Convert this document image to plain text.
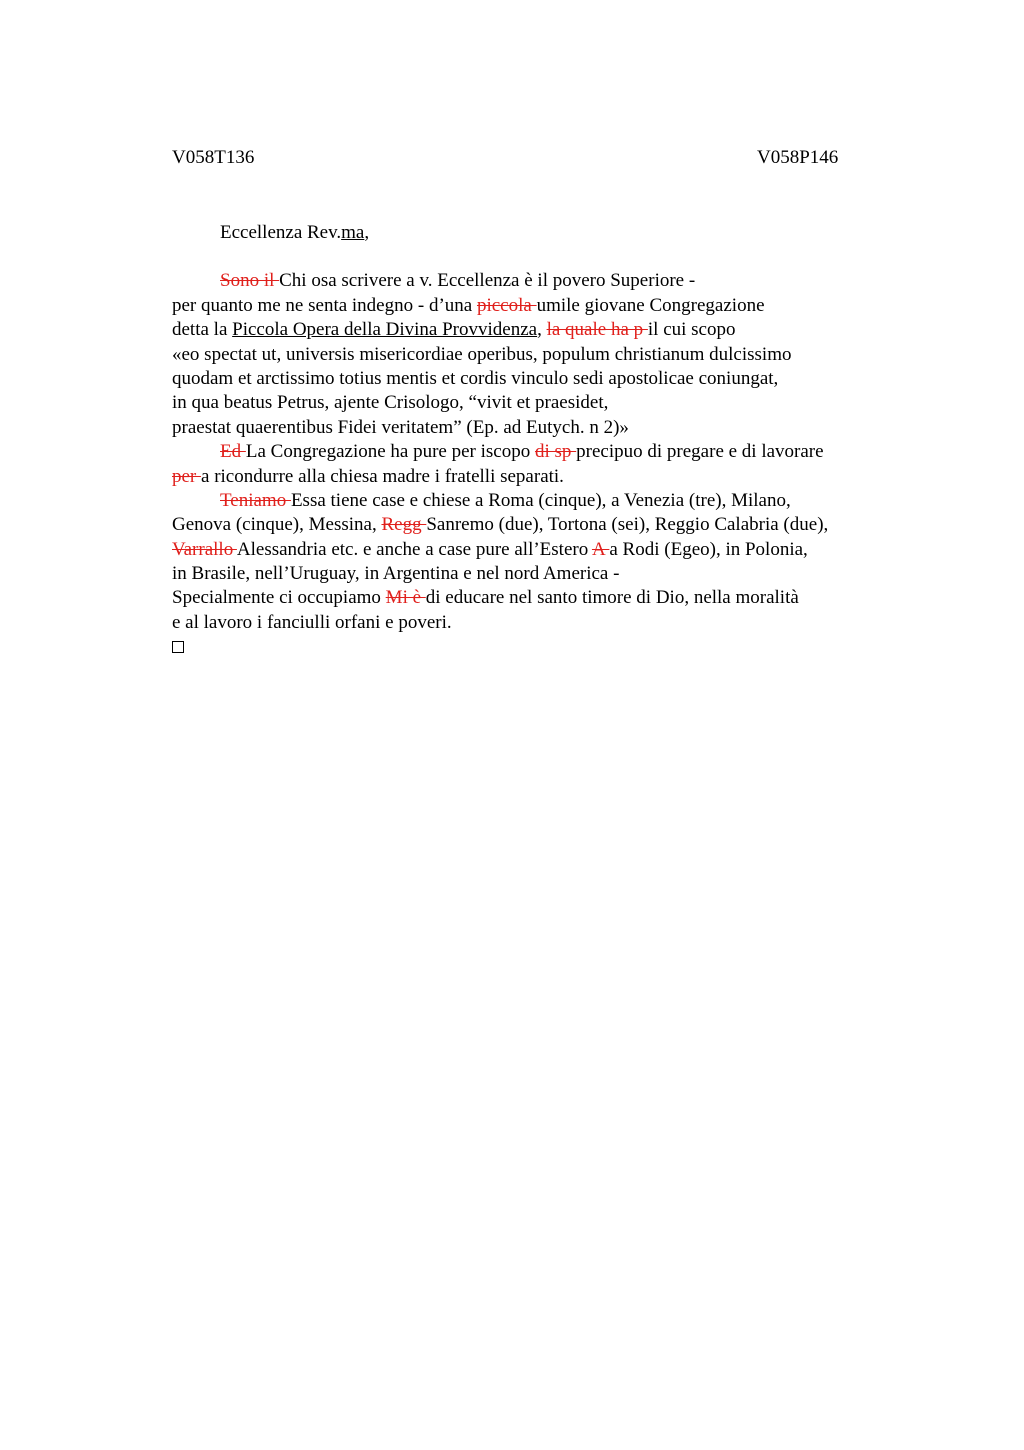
V058T136	V058P146
Eccellenza Rev.ma,
Sono il Chi osa scrivere a v. Eccellenza è il povero Superiore -
per quanto me ne senta indegno - d’una piccola umile giovane Congregazione
detta la Piccola Opera della Divina Provvidenza, la quale ha p il cui scopo
«eo spectat ut, universis misericordiae operibus, populum christianum dulcissimo
quodam et arctissimo totius mentis et cordis vinculo sedi apostolicae coniungat,
in qua beatus Petrus, ajente Crisologo, “vivit et praesidet,
praestat quaerentibus Fidei veritatem” (Ep. ad Eutych. n 2)»
Ed La Congregazione ha pure per iscopo di sp precipuo di pregare e di lavorare
per a ricondurre alla chiesa madre i fratelli separati.
Teniamo Essa tiene case e chiese a Roma (cinque), a Venezia (tre), Milano,
Genova (cinque), Messina, Regg Sanremo (due), Tortona (sei), Reggio Calabria (due),
Varrallo Alessandria etc. e anche a case pure all’Estero A a Rodi (Egeo), in Polonia,
in Brasile, nell’Uruguay, in Argentina e nel nord America -
Specialmente ci occupiamo Mi è di educare nel santo timore di Dio, nella moralità
e al lavoro i fanciulli orfani e poveri.
